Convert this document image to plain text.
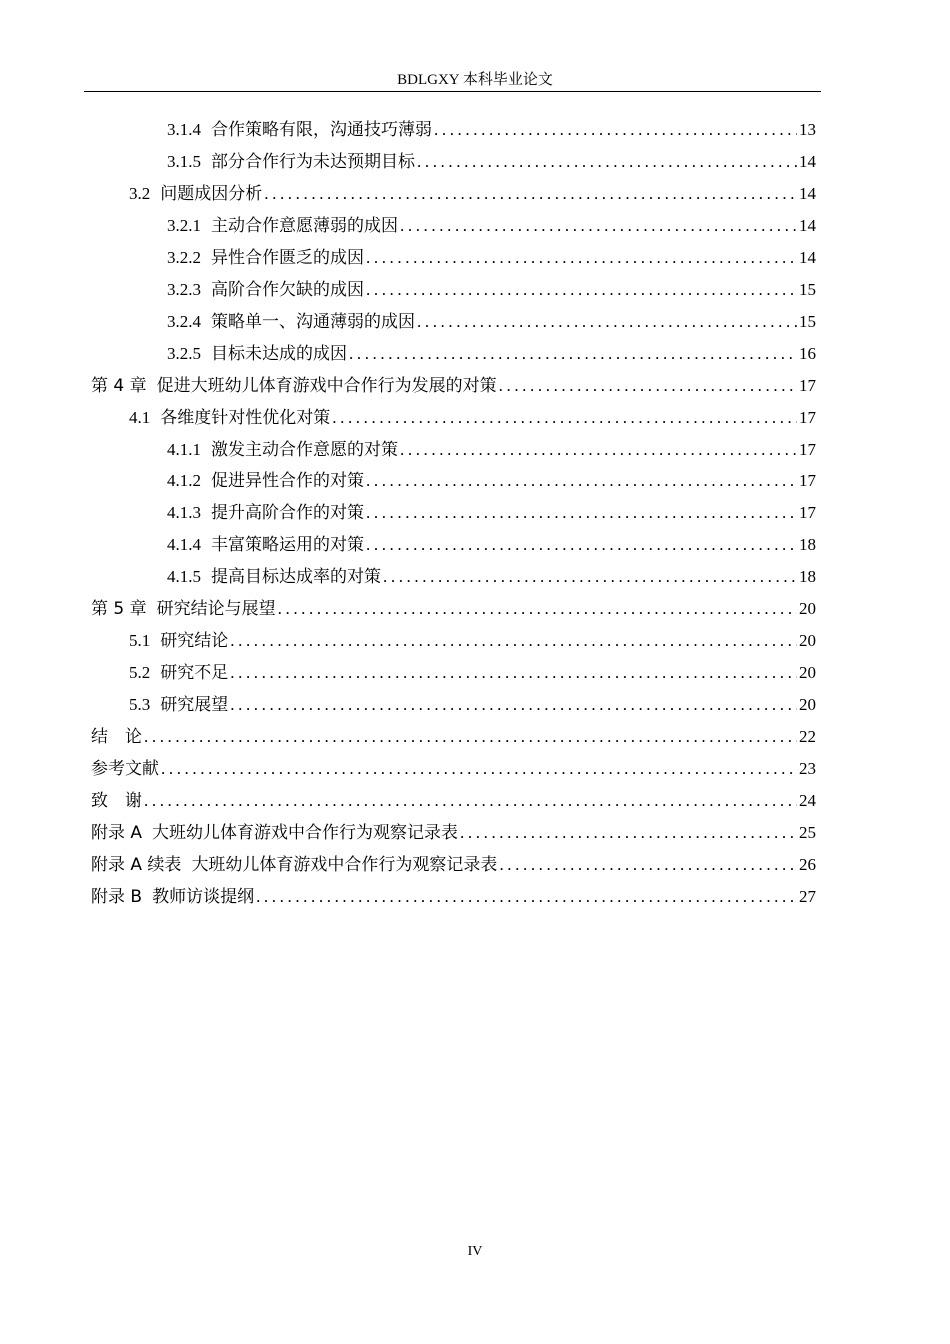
BDLGXY 本科毕业论文
3.1.4 合作策略有限，沟通技巧薄弱 .....	13
3.1.5 部分合作行为未达预期目标 .....	14
3.2 问题成因分析 .....	14
3.2.1 主动合作意愿薄弱的成因 .....	14
3.2.2 异性合作匮乏的成因 .....	14
3.2.3 高阶合作欠缺的成因 .....	15
3.2.4 策略单一、沟通薄弱的成因 .....	15
3.2.5 目标未达成的成因 .....	16
第 4 章 促进大班幼儿体育游戏中合作行为发展的对策 .....	17
4.1 各维度针对性优化对策 .....	17
4.1.1 激发主动合作意愿的对策 .....	17
4.1.2 促进异性合作的对策 .....	17
4.1.3 提升高阶合作的对策 .....	17
4.1.4 丰富策略运用的对策 .....	18
4.1.5 提高目标达成率的对策 .....	18
第 5 章 研究结论与展望 .....	20
5.1 研究结论 .....	20
5.2 研究不足 .....	20
5.3 研究展望 .....	20
结　论 .....	22
参考文献 .....	23
致　谢 .....	24
附录 A 大班幼儿体育游戏中合作行为观察记录表 .....	25
附录 A 续表 大班幼儿体育游戏中合作行为观察记录表 .....	26
附录 B 教师访谈提纲 .....	27
IV
